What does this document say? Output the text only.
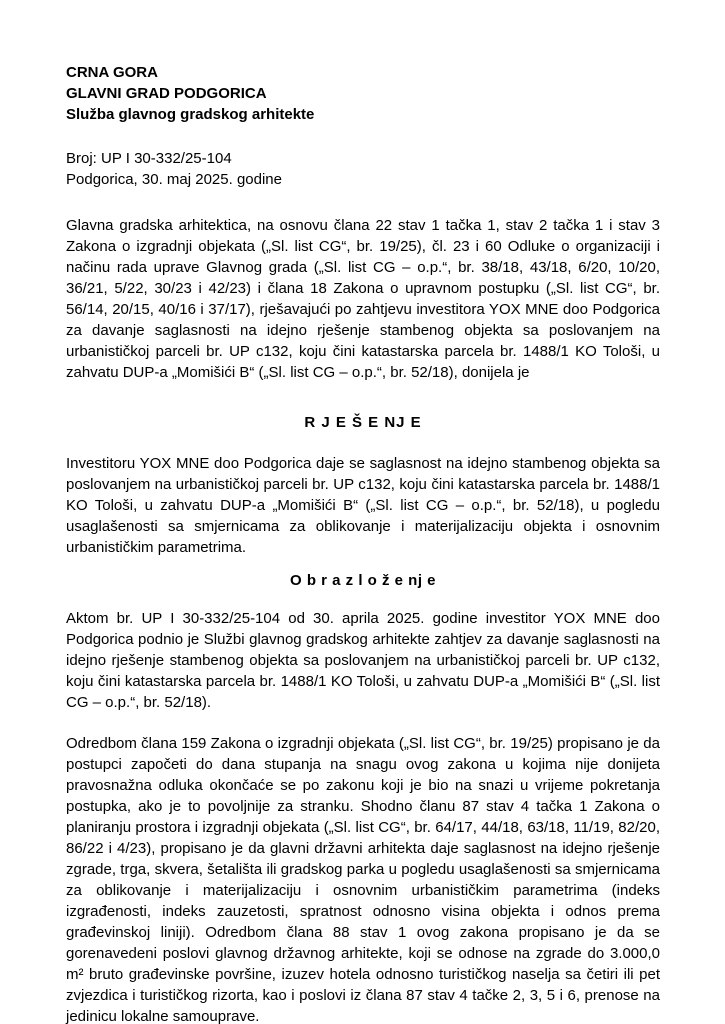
CRNA GORA
GLAVNI GRAD PODGORICA
Služba glavnog gradskog arhitekte
Broj: UP I 30-332/25-104
Podgorica, 30. maj 2025. godine

Glavna gradska arhitektica, na osnovu člana 22 stav 1 tačka 1, stav 2 tačka 1 i stav 3 Zakona o izgradnji objekata („Sl. list CG“, br. 19/25), čl. 23 i 60 Odluke o organizaciji i načinu rada uprave Glavnog grada („Sl. list CG – o.p.“, br. 38/18, 43/18, 6/20, 10/20, 36/21, 5/22, 30/23 i 42/23) i člana 18 Zakona o upravnom postupku („Sl. list CG“, br. 56/14, 20/15, 40/16 i 37/17), rješavajući po zahtjevu investitora YOX MNE doo Podgorica za davanje saglasnosti na idejno rješenje stambenog objekta sa poslovanjem na urbanističkoj parceli br. UP c132, koju čini katastarska parcela br. 1488/1 KO Tološi, u zahvatu DUP-a „Momišići B“ („Sl. list CG – o.p.“, br. 52/18), donijela je

R J E Š E NJ E

Investitoru YOX MNE doo Podgorica daje se saglasnost na idejno stambenog objekta sa poslovanjem na urbanističkoj parceli br. UP c132, koju čini katastarska parcela br. 1488/1 KO Tološi, u zahvatu DUP-a „Momišići B“ („Sl. list CG – o.p.“, br. 52/18), u pogledu usaglašenosti sa smjernicama za oblikovanje i materijalizaciju objekta i osnovnim urbanističkim parametrima.

O b r a z l o ž e nj e

Aktom br. UP I 30-332/25-104 od 30. aprila 2025. godine investitor YOX MNE doo Podgorica podnio je Službi glavnog gradskog arhitekte zahtjev za davanje saglasnosti na idejno rješenje stambenog objekta sa poslovanjem na urbanističkoj parceli br. UP c132, koju čini katastarska parcela br. 1488/1 KO Tološi, u zahvatu DUP-a „Momišići B“ („Sl. list CG – o.p.“, br. 52/18).

Odredbom člana 159 Zakona o izgradnji objekata („Sl. list CG“, br. 19/25) propisano je da postupci započeti do dana stupanja na snagu ovog zakona u kojima nije donijeta pravosnažna odluka okončaće se po zakonu koji je bio na snazi u vrijeme pokretanja postupka, ako je to povoljnije za stranku. Shodno članu 87 stav 4 tačka 1 Zakona o planiranju prostora i izgradnji objekata („Sl. list CG“, br. 64/17, 44/18, 63/18, 11/19, 82/20, 86/22 i 4/23), propisano je da glavni državni arhitekta daje saglasnost na idejno rješenje zgrade, trga, skvera, šetališta ili gradskog parka u pogledu usaglašenosti sa smjernicama za oblikovanje i materijalizaciju i osnovnim urbanističkim parametrima (indeks izgrađenosti, indeks zauzetosti, spratnost odnosno visina objekta i odnos prema građevinskoj liniji). Odredbom člana 88 stav 1 ovog zakona propisano je da se gorenavedeni poslovi glavnog državnog arhitekte, koji se odnose na zgrade do 3.000,0 m² bruto građevinske površine, izuzev hotela odnosno turističkog naselja sa četiri ili pet zvjezdica i turističkog rizorta, kao i poslovi iz člana 87 stav 4 tačke 2, 3, 5 i 6, prenose na jedinicu lokalne samouprave.
